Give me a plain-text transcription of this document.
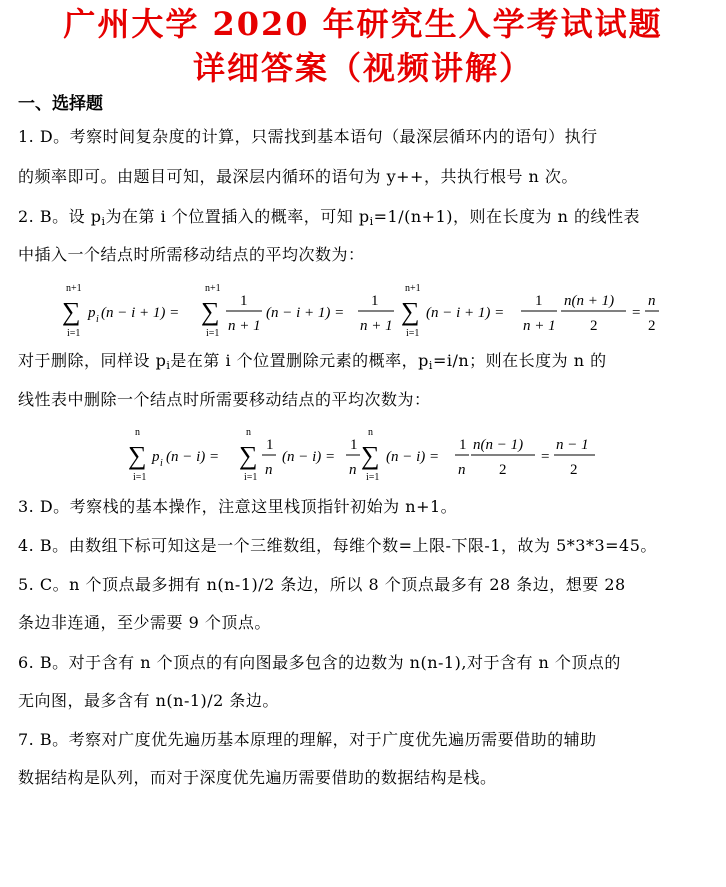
广州大学 2020 年研究生入学考试试题
详细答案（视频讲解）
一、选择题
1. D。考察时间复杂度的计算，只需找到基本语句（最深层循环内的语句）执行
的频率即可。由题目可知，最深层内循环的语句为 y++，共执行根号 n 次。
2. B。设 $p_i$为在第 i 个位置插入的概率，可知 $p_i=1/(n+1)$，则在长度为 n 的线性表
中插入一个结点时所需移动结点的平均次数为：
n+1
∑
i=1
p i (n − i + 1) =
n+1
∑
i=1
1
n + 1
(n − i + 1) =
1
n + 1
n+1
∑
i=1
(n − i + 1) =
1
n + 1
n(n + 1)
2
=
n
2
对于删除，同样设 $p_i$是在第 i 个位置删除元素的概率，$p_i=i/n$；则在长度为 n 的
线性表中删除一个结点时所需要移动结点的平均次数为：
n
∑
i=1
p i (n − i) =
n
∑
i=1
1
n
(n − i) =
1
n
n
∑
i=1
(n − i) =
1
n
n(n − 1)
2
=
n − 1
2
3. D。考察栈的基本操作，注意这里栈顶指针初始为 n+1。
4. B。由数组下标可知这是一个三维数组，每维个数=上限-下限-1，故为 5*3*3=45。
5. C。n 个顶点最多拥有 n(n-1)/2 条边，所以 8 个顶点最多有 28 条边，想要 28
条边非连通，至少需要 9 个顶点。
6. B。对于含有 n 个顶点的有向图最多包含的边数为 n(n-1),对于含有 n 个顶点的
无向图，最多含有 n(n-1)/2 条边。
7. B。考察对广度优先遍历基本原理的理解，对于广度优先遍历需要借助的辅助
数据结构是队列，而对于深度优先遍历需要借助的数据结构是栈。
